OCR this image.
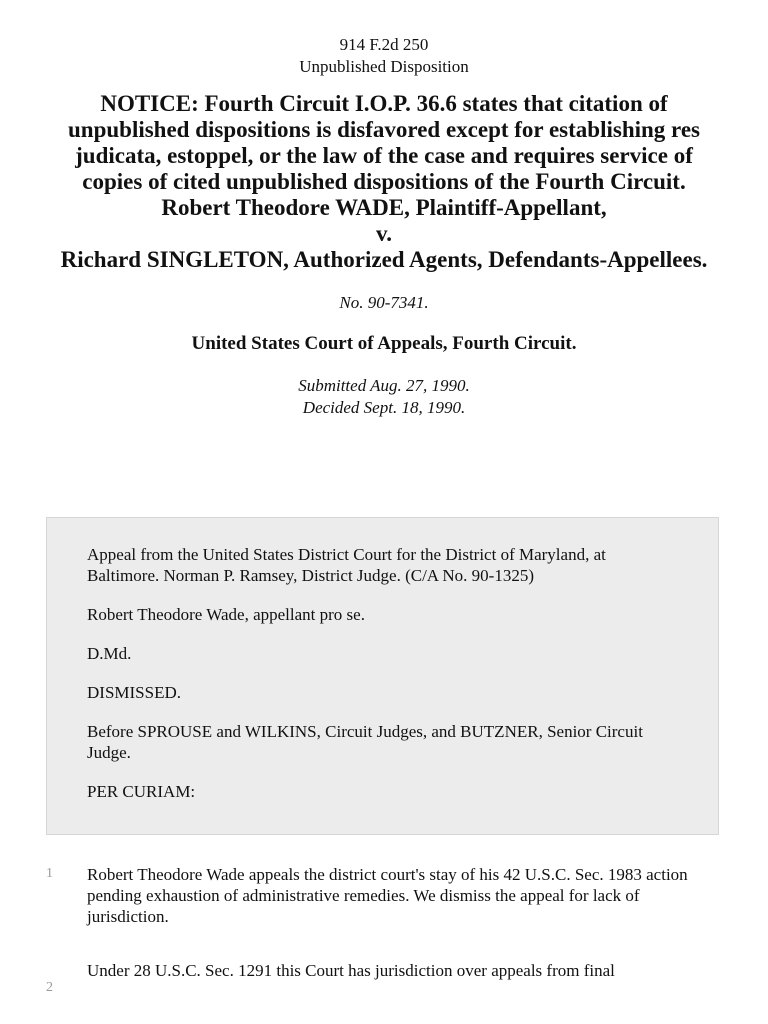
914 F.2d 250
Unpublished Disposition
NOTICE: Fourth Circuit I.O.P. 36.6 states that citation of unpublished dispositions is disfavored except for establishing res judicata, estoppel, or the law of the case and requires service of copies of cited unpublished dispositions of the Fourth Circuit.
Robert Theodore WADE, Plaintiff-Appellant,
v.
Richard SINGLETON, Authorized Agents, Defendants-Appellees.
No. 90-7341.
United States Court of Appeals, Fourth Circuit.
Submitted Aug. 27, 1990.
Decided Sept. 18, 1990.

Appeal from the United States District Court for the District of Maryland, at Baltimore. Norman P. Ramsey, District Judge. (C/A No. 90-1325)

Robert Theodore Wade, appellant pro se.

D.Md.

DISMISSED.

Before SPROUSE and WILKINS, Circuit Judges, and BUTZNER, Senior Circuit Judge.

PER CURIAM:

1 Robert Theodore Wade appeals the district court's stay of his 42 U.S.C. Sec. 1983 action pending exhaustion of administrative remedies. We dismiss the appeal for lack of jurisdiction.
2
Under 28 U.S.C. Sec. 1291 this Court has jurisdiction over appeals from final
